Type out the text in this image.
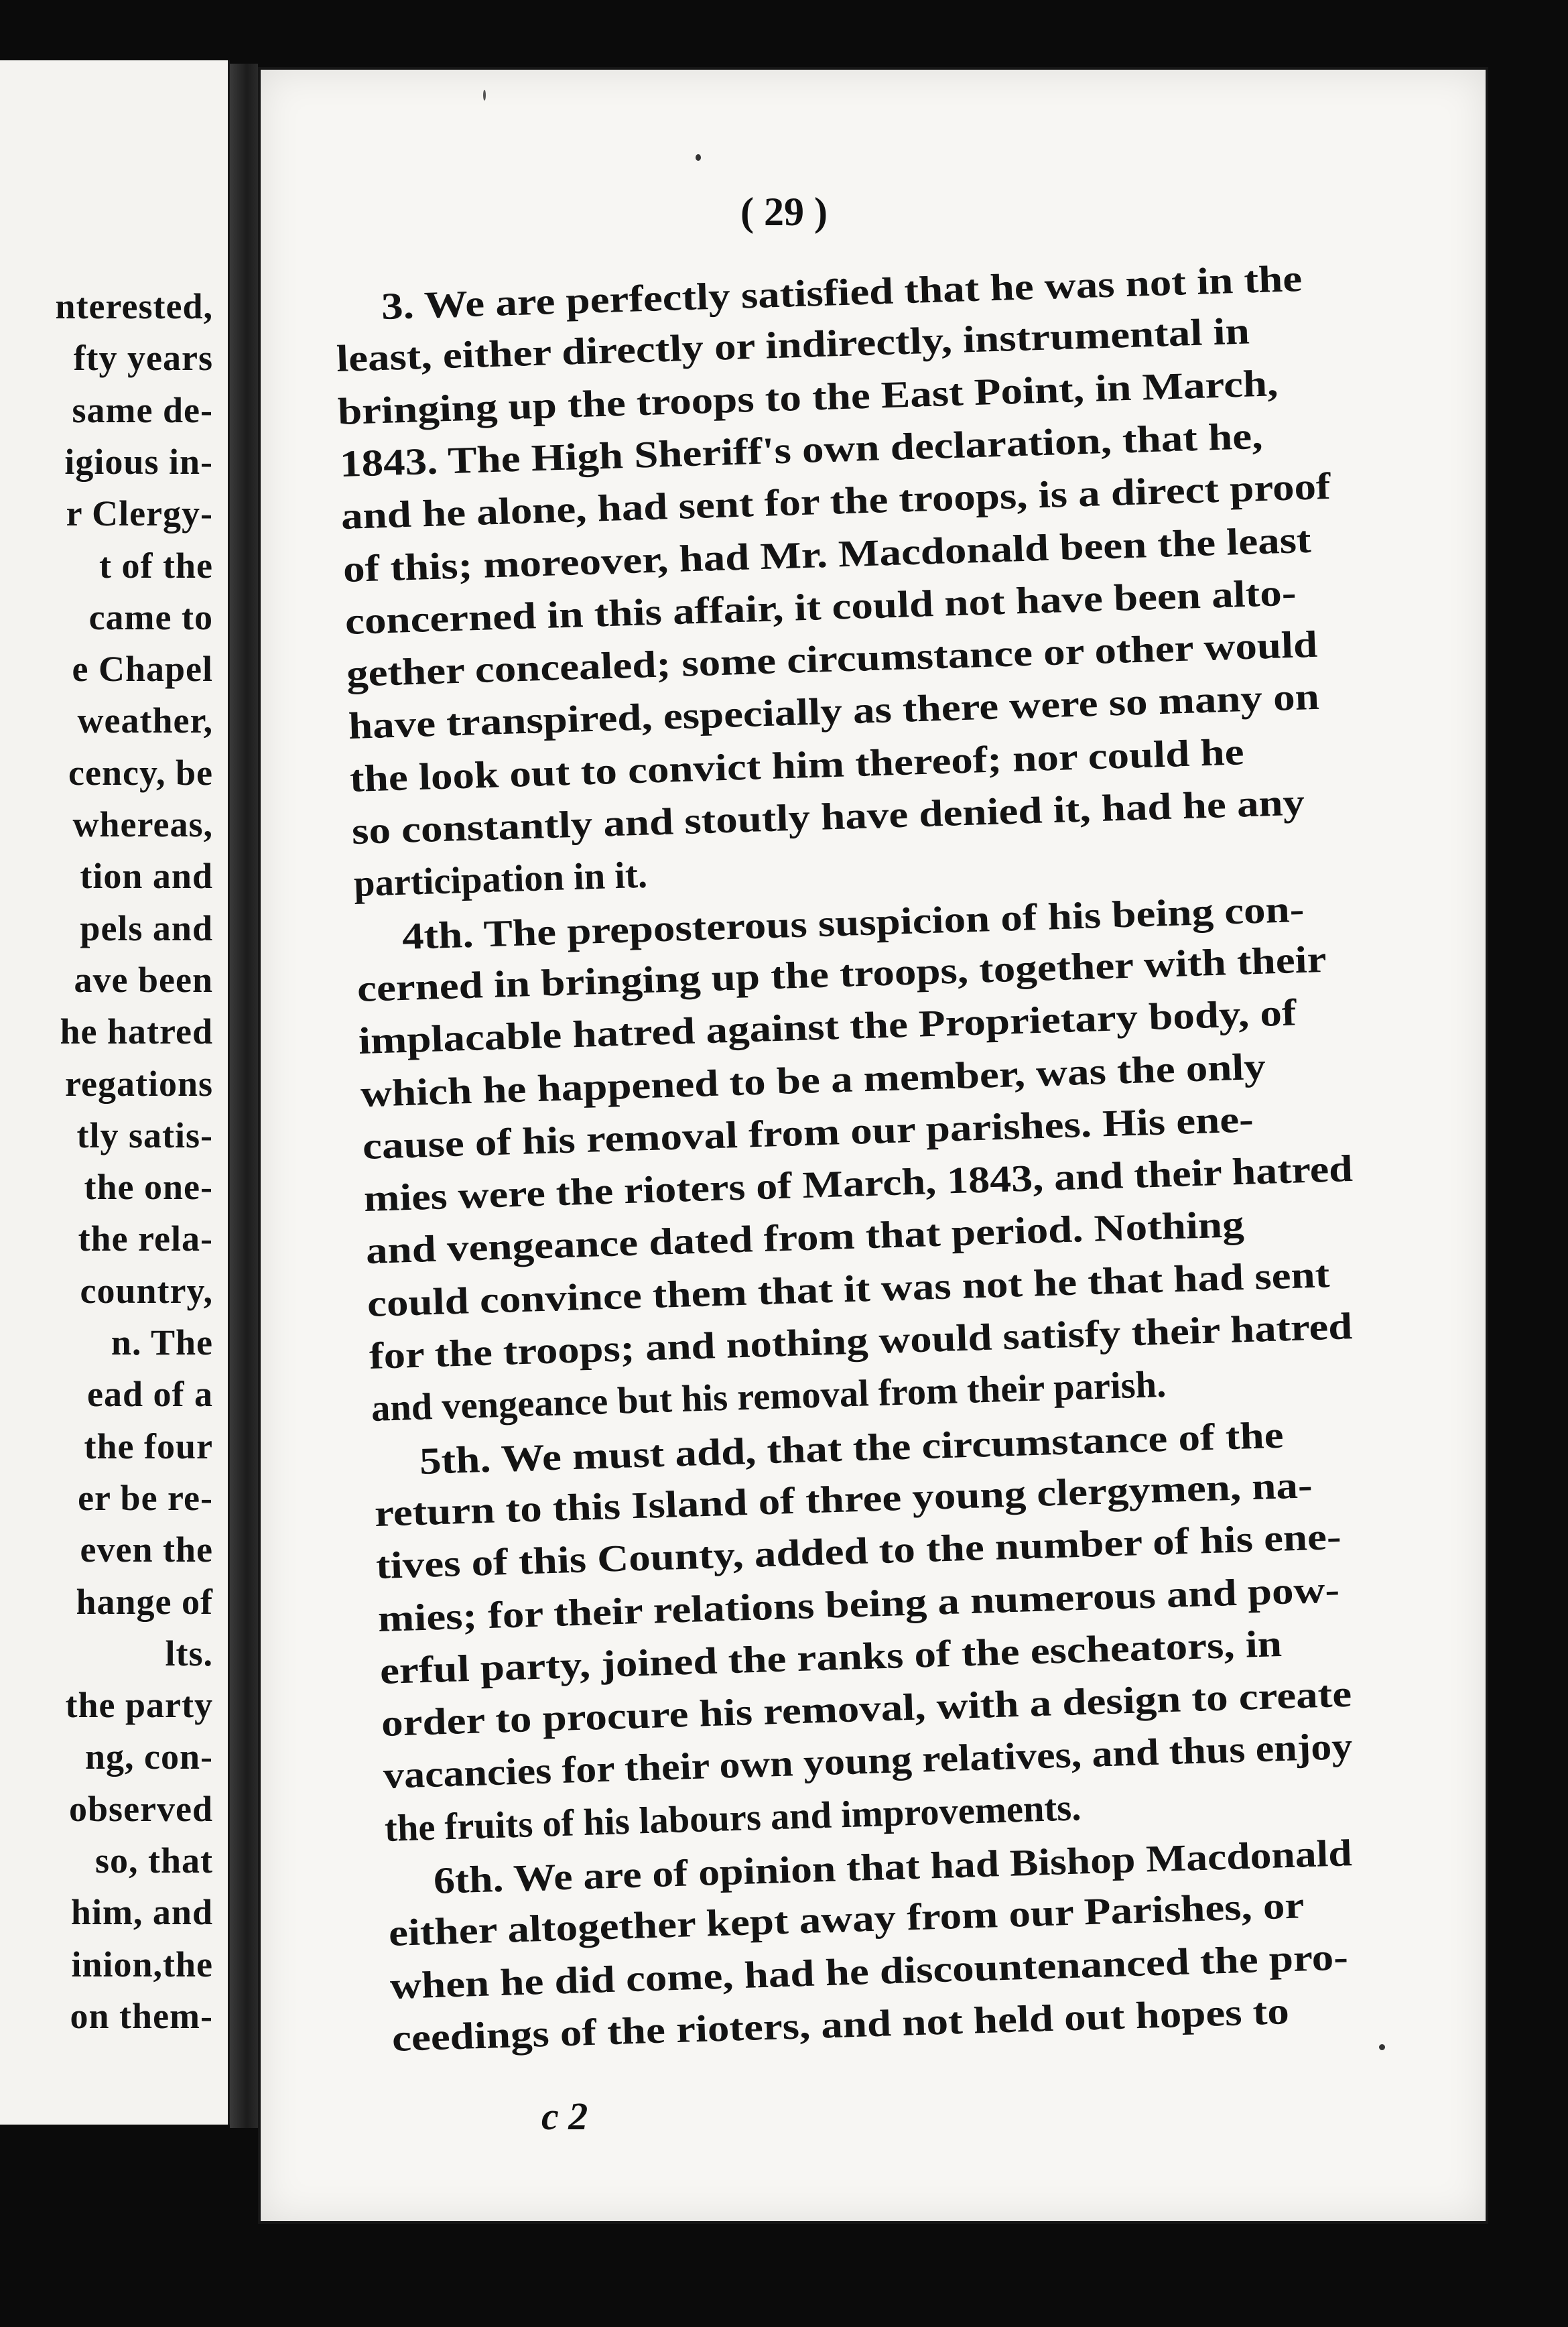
nterested,
fty years
same de-
igious in-
r Clergy-
t of the
came to
e Chapel
weather,
cency, be
whereas,
tion and
pels and
ave been
he hatred
regations
tly satis-
the one-
the rela-
country,
n. The
ead of a
the four
er be re-
even the
hange of
lts.
the party
ng, con-
observed
so, that
him, and
inion,the
on them-
( 29 )
3. We are perfectly satisfied that he was not in the
least, either directly or indirectly, instrumental in
bringing up the troops to the East Point, in March,
1843. The High Sheriff's own declaration, that he,
and he alone, had sent for the troops, is a direct proof
of this; moreover, had Mr. Macdonald been the least
concerned in this affair, it could not have been alto-
gether concealed; some circumstance or other would
have transpired, especially as there were so many on
the look out to convict him thereof; nor could he
so constantly and stoutly have denied it, had he any
participation in it.
4th. The preposterous suspicion of his being con-
cerned in bringing up the troops, together with their
implacable hatred against the Proprietary body, of
which he happened to be a member, was the only
cause of his removal from our parishes. His ene-
mies were the rioters of March, 1843, and their hatred
and vengeance dated from that period. Nothing
could convince them that it was not he that had sent
for the troops; and nothing would satisfy their hatred
and vengeance but his removal from their parish.
5th. We must add, that the circumstance of the
return to this Island of three young clergymen, na-
tives of this County, added to the number of his ene-
mies; for their relations being a numerous and pow-
erful party, joined the ranks of the escheators, in
order to procure his removal, with a design to create
vacancies for their own young relatives, and thus enjoy
the fruits of his labours and improvements.
6th. We are of opinion that had Bishop Macdonald
either altogether kept away from our Parishes, or
when he did come, had he discountenanced the pro-
ceedings of the rioters, and not held out hopes to
c 2
